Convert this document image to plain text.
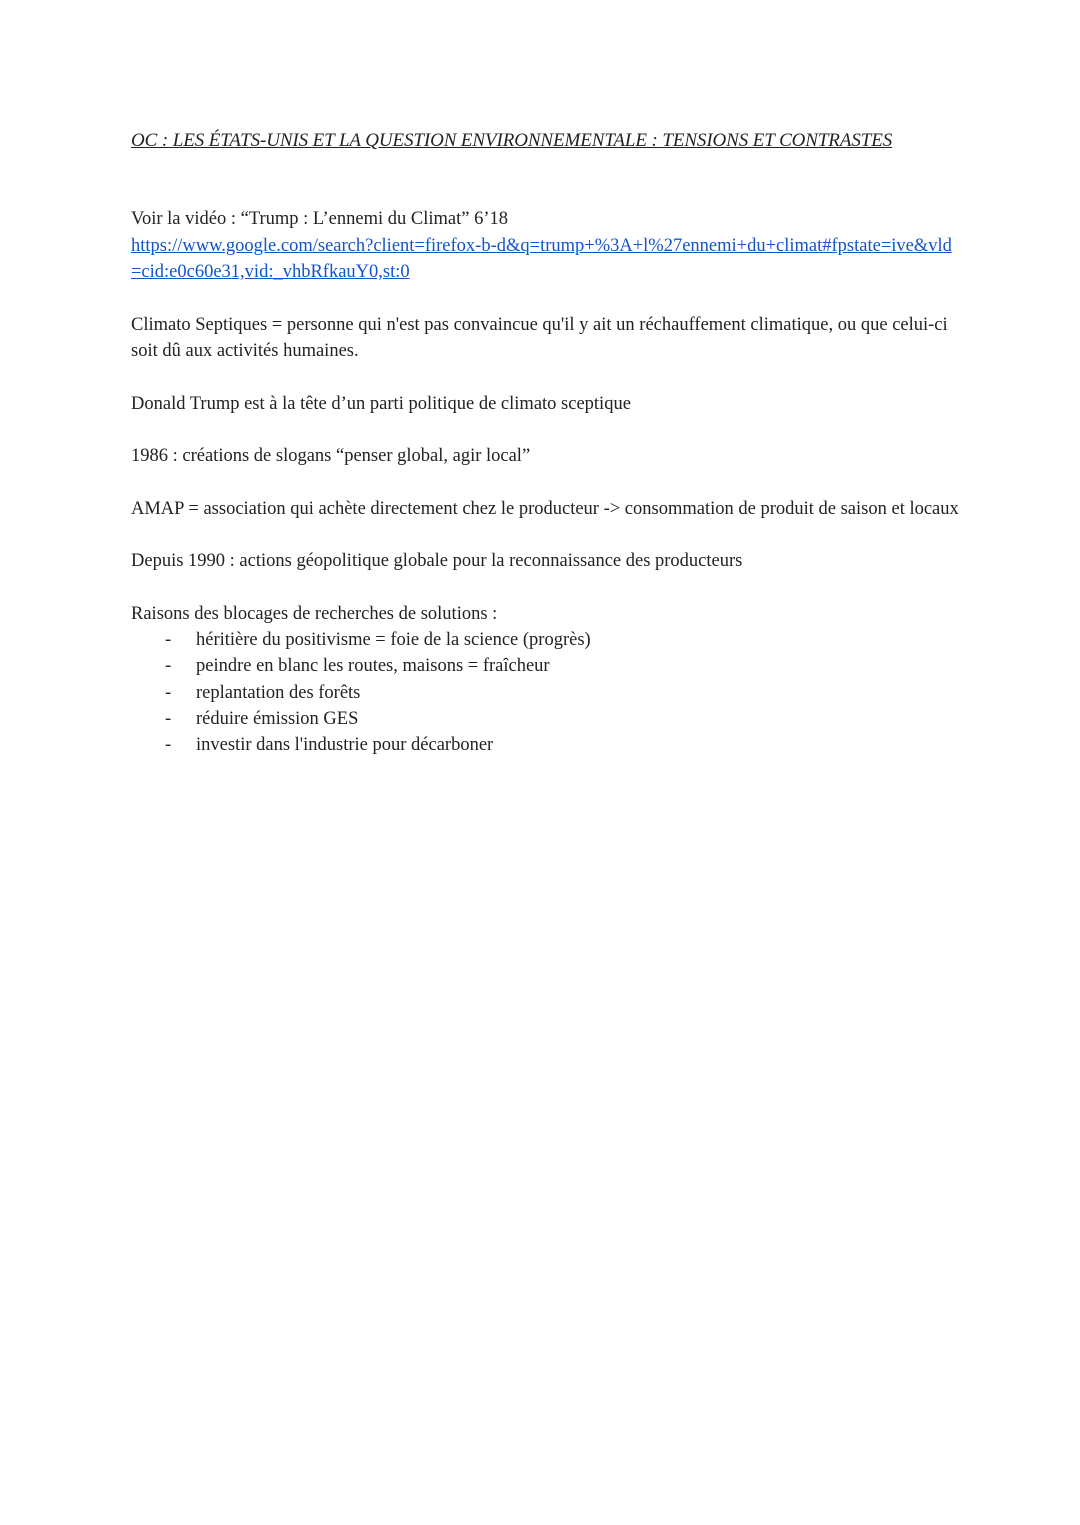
OC : LES ÉTATS-UNIS ET LA QUESTION ENVIRONNEMENTALE : TENSIONS ET CONTRASTES
Voir la vidéo : “Trump : L’ennemi du Climat” 6’18
https://www.google.com/search?client=firefox-b-d&q=trump+%3A+l%27ennemi+du+climat#fpstate=ive&vld=cid:e0c60e31,vid:_vhbRfkauY0,st:0

Climato Septiques = personne qui n'est pas convaincue qu'il y ait un réchauffement climatique, ou que celui-ci soit dû aux activités humaines.

Donald Trump est à la tête d’un parti politique de climato sceptique

1986 : créations de slogans “penser global, agir local”

AMAP = association qui achète directement chez le producteur -> consommation de produit de saison et locaux

Depuis 1990 : actions géopolitique globale pour la reconnaissance des producteurs

Raisons des blocages de recherches de solutions :
- héritière du positivisme = foie de la science (progrès)
- peindre en blanc les routes, maisons = fraîcheur
- replantation des forêts
- réduire émission GES
- investir dans l'industrie pour décarboner
